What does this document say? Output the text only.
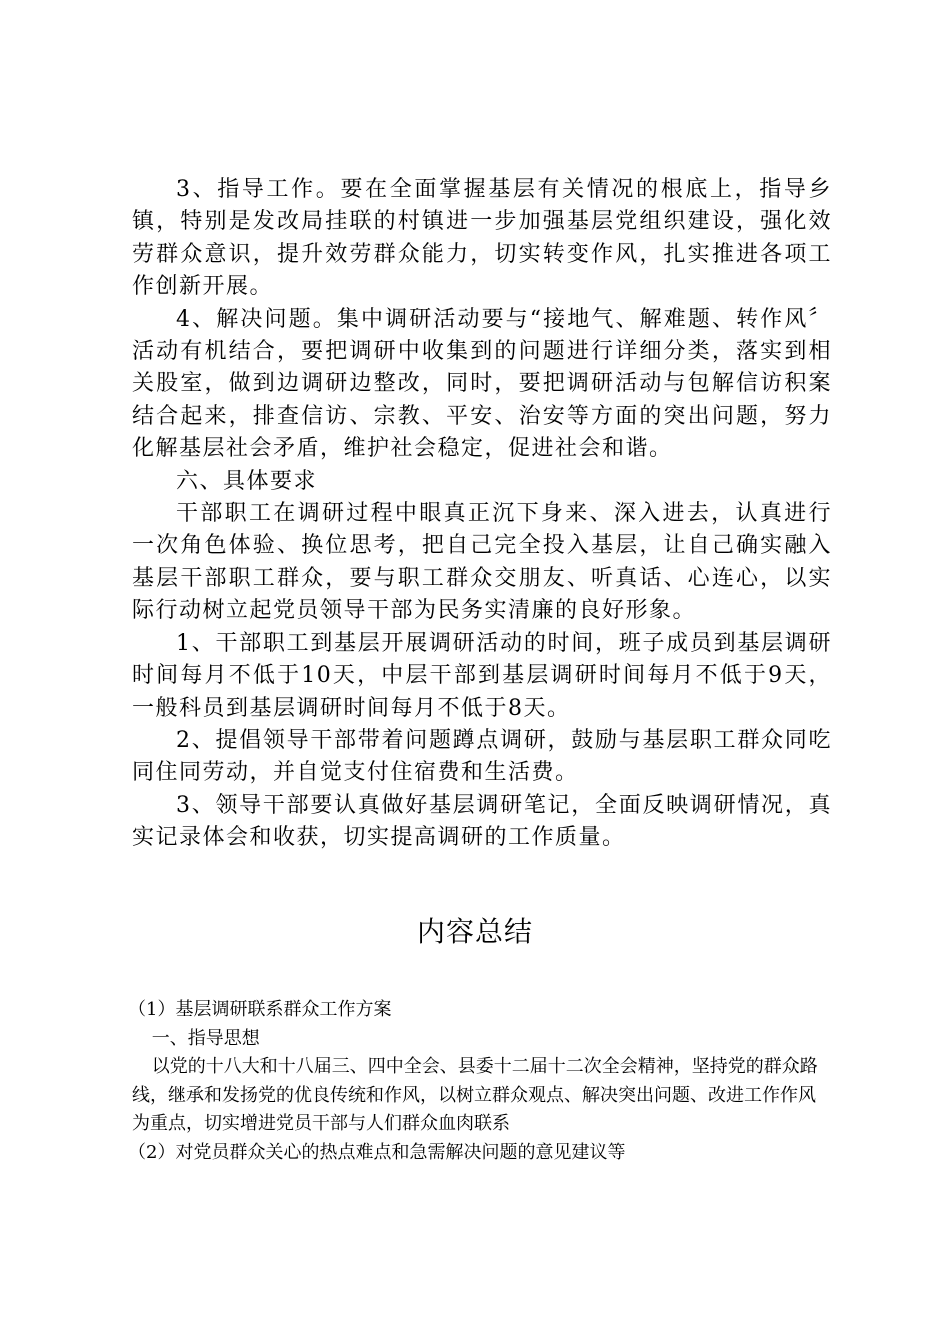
3、指导工作。要在全面掌握基层有关情况的根底上，指导乡镇，特别是发改局挂联的村镇进一步加强基层党组织建设，强化效劳群众意识，提升效劳群众能力，切实转变作风，扎实推进各项工作创新开展。

4、解决问题。集中调研活动要与“接地气、解难题、转作风〞活动有机结合，要把调研中收集到的问题进行详细分类，落实到相关股室，做到边调研边整改，同时，要把调研活动与包解信访积案结合起来，排查信访、宗教、平安、治安等方面的突出问题，努力化解基层社会矛盾，维护社会稳定，促进社会和谐。

六、具体要求

干部职工在调研过程中眼真正沉下身来、深入进去，认真进行一次角色体验、换位思考，把自己完全投入基层，让自己确实融入基层干部职工群众，要与职工群众交朋友、听真话、心连心，以实际行动树立起党员领导干部为民务实清廉的良好形象。

1、干部职工到基层开展调研活动的时间，班子成员到基层调研时间每月不低于10天，中层干部到基层调研时间每月不低于9天，一般科员到基层调研时间每月不低于8天。

2、提倡领导干部带着问题蹲点调研，鼓励与基层职工群众同吃同住同劳动，并自觉支付住宿费和生活费。

3、领导干部要认真做好基层调研笔记，全面反映调研情况，真实记录体会和收获，切实提高调研的工作质量。

内容总结

（1）基层调研联系群众工作方案

一、指导思想

以党的十八大和十八届三、四中全会、县委十二届十二次全会精神，坚持党的群众路线，继承和发扬党的优良传统和作风，以树立群众观点、解决突出问题、改进工作作风为重点，切实增进党员干部与人们群众血肉联系

（2）对党员群众关心的热点难点和急需解决问题的意见建议等
